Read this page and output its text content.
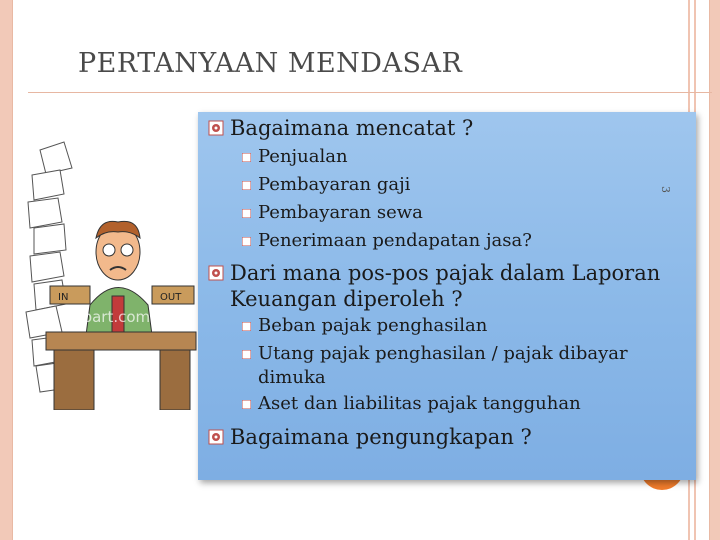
PERTANYAAN MENDASAR
IN	OUT
clipart.com
3
Bagaimana mencatat ?
Penjualan
Pembayaran gaji
Pembayaran sewa
Penerimaan pendapatan jasa?
Dari mana pos-pos pajak dalam Laporan
Keuangan diperoleh ?
Beban pajak penghasilan
Utang pajak penghasilan / pajak dibayar
dimuka
Aset dan liabilitas pajak tangguhan
Bagaimana pengungkapan ?
